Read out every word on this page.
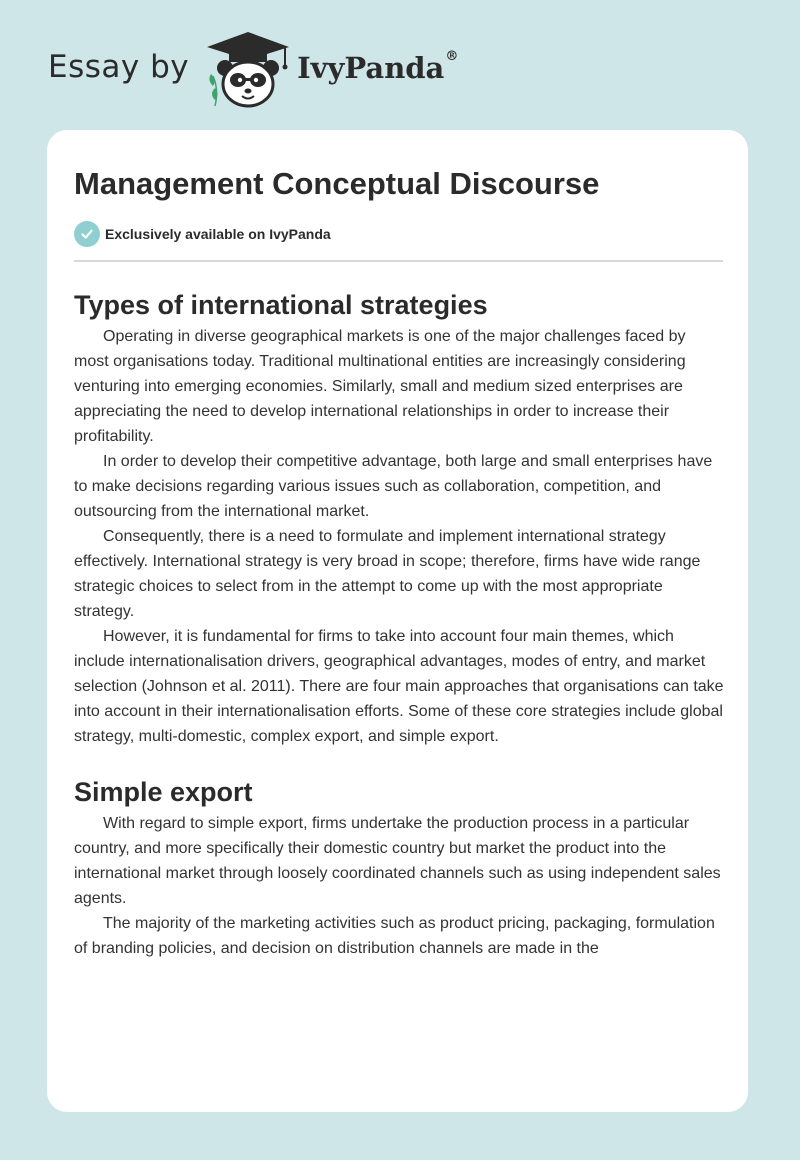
Essay by	IvyPanda®
Management Conceptual Discourse
Exclusively available on IvyPanda
Types of international strategies

Operating in diverse geographical markets is one of the major challenges faced by most organisations today. Traditional multinational entities are increasingly considering venturing into emerging economies. Similarly, small and medium sized enterprises are appreciating the need to develop international relationships in order to increase their profitability.

In order to develop their competitive advantage, both large and small enterprises have to make decisions regarding various issues such as collaboration, competition, and outsourcing from the international market.

Consequently, there is a need to formulate and implement international strategy effectively. International strategy is very broad in scope; therefore, firms have wide range strategic choices to select from in the attempt to come up with the most appropriate strategy.

However, it is fundamental for firms to take into account four main themes, which include internationalisation drivers, geographical advantages, modes of entry, and market selection (Johnson et al. 2011). There are four main approaches that organisations can take into account in their internationalisation efforts. Some of these core strategies include global strategy, multi-domestic, complex export, and simple export.

Simple export

With regard to simple export, firms undertake the production process in a particular country, and more specifically their domestic country but market the product into the international market through loosely coordinated channels such as using independent sales agents.

The majority of the marketing activities such as product pricing, packaging, formulation of branding policies, and decision on distribution channels are made in the
